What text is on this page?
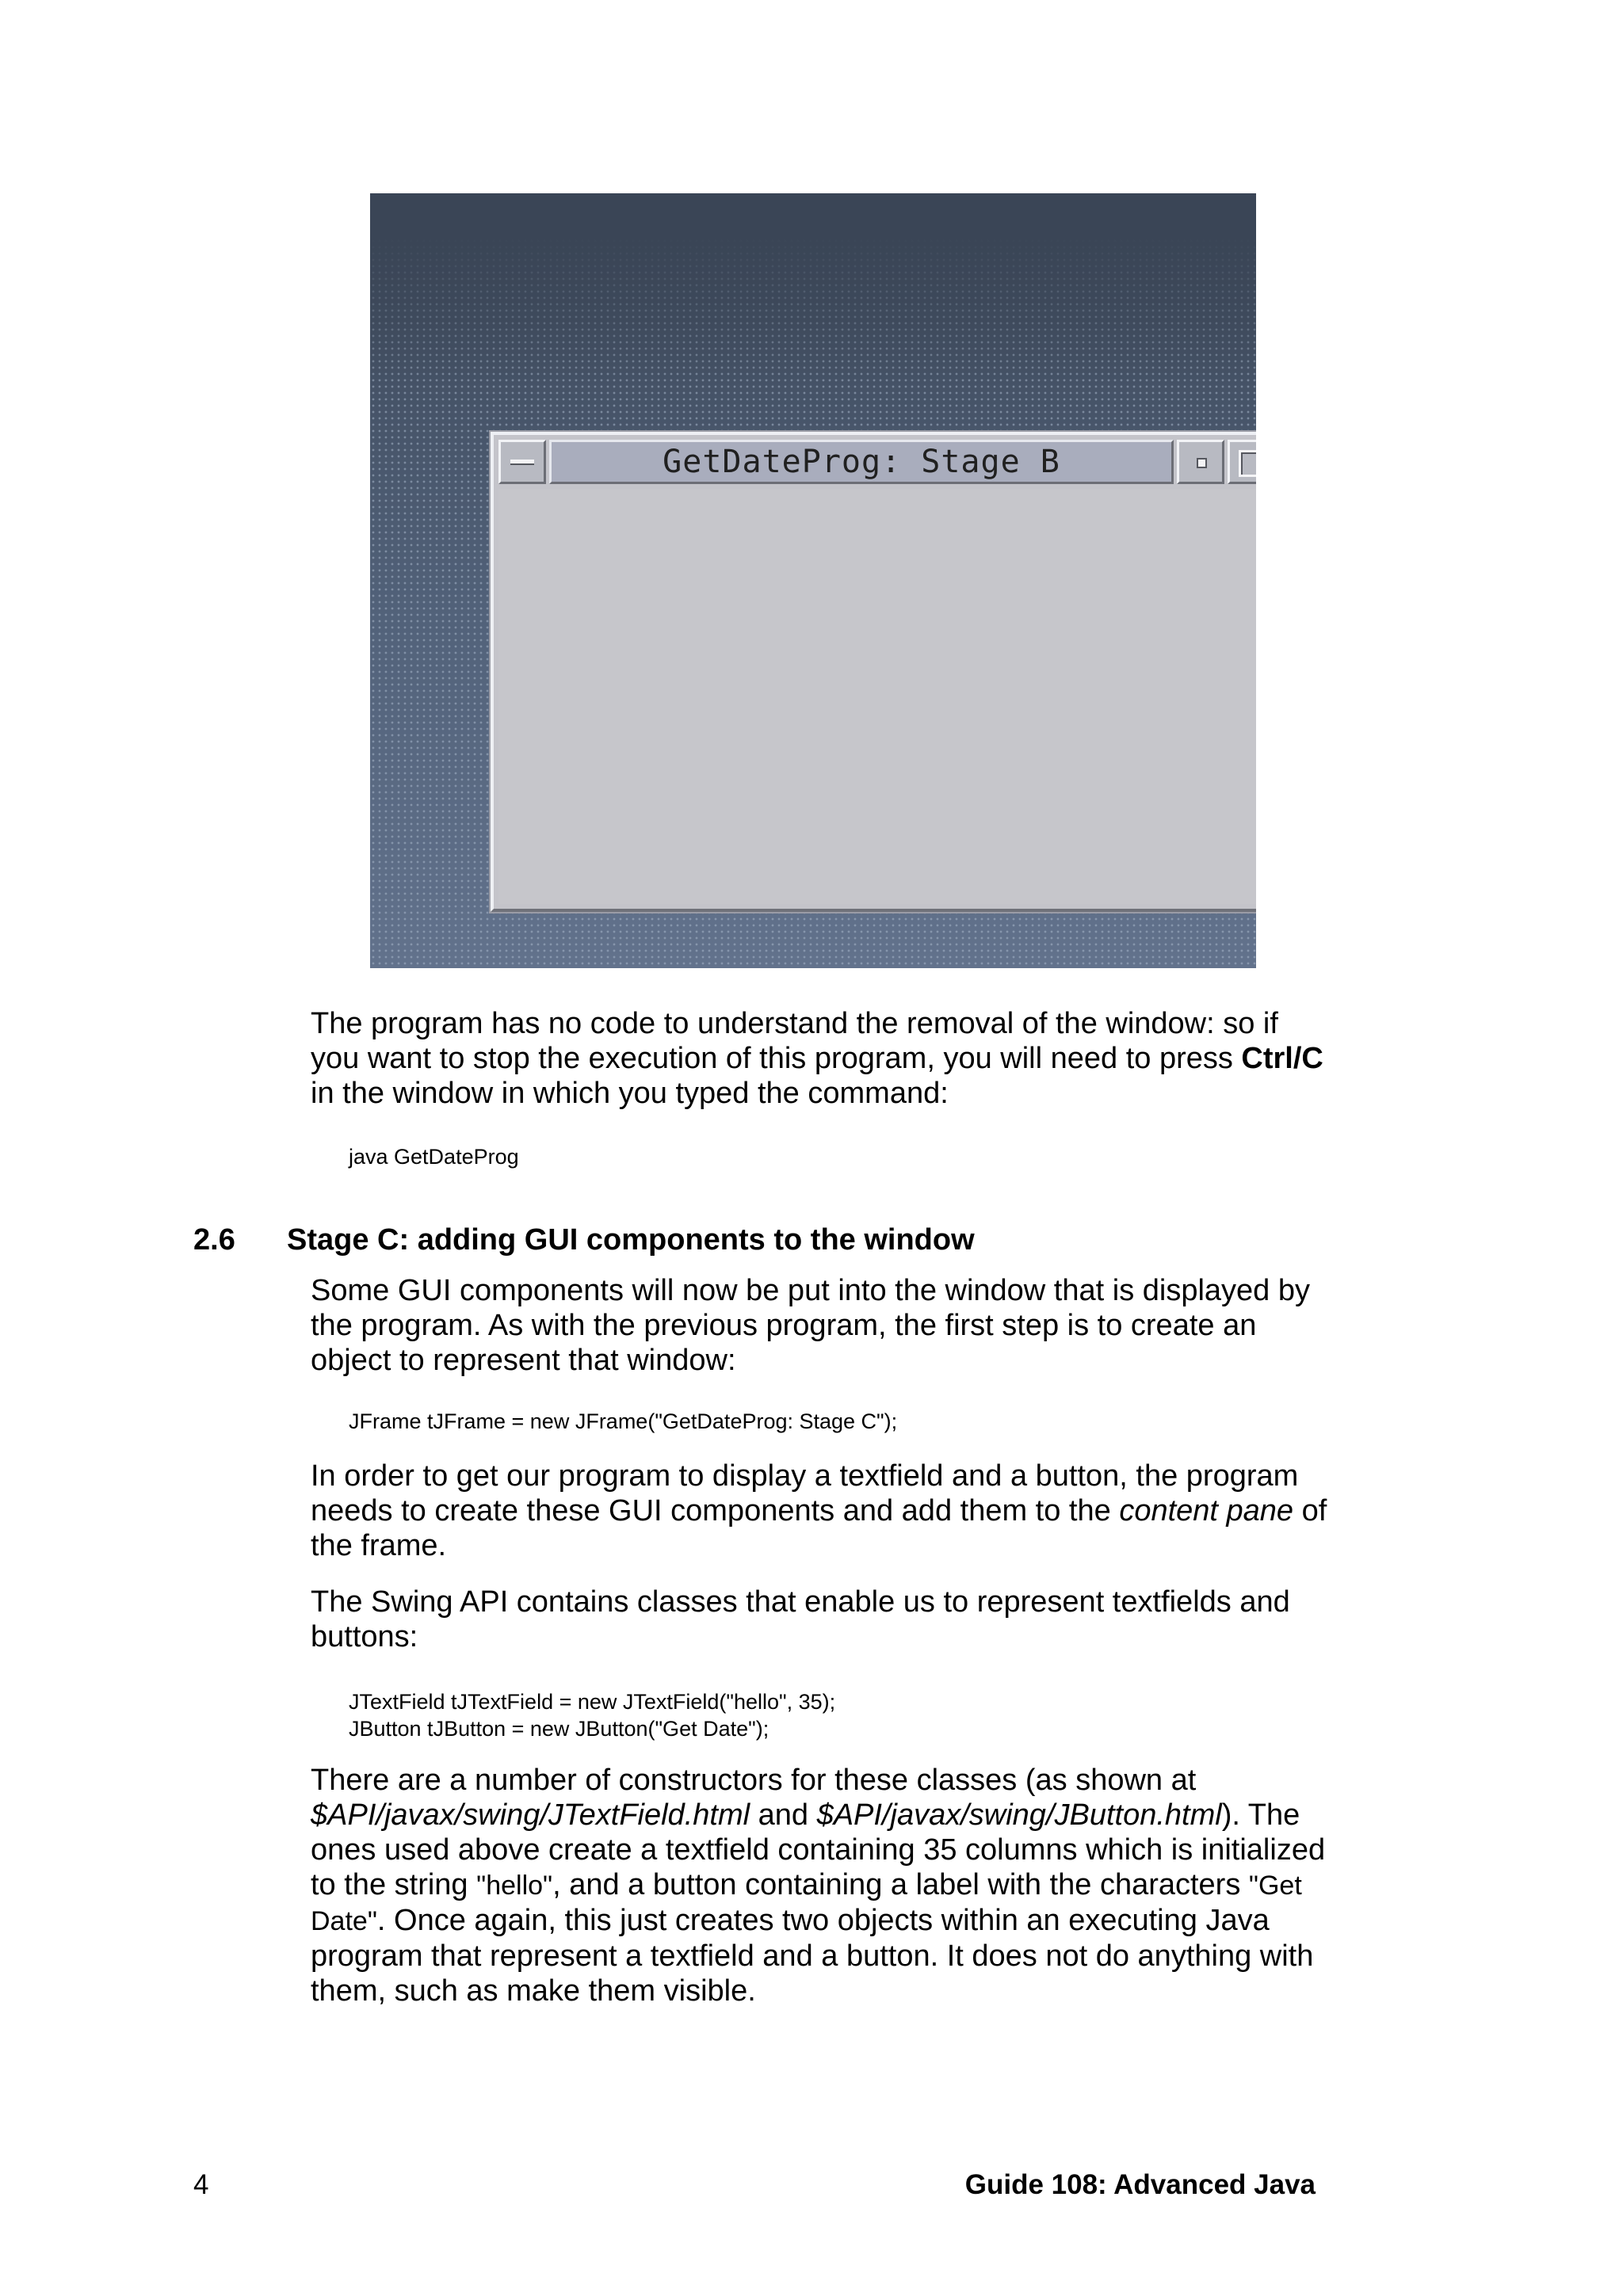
GetDateProg: Stage B

The program has no code to understand the removal of the window: so if you want to stop the execution of this program, you will need to press Ctrl/C in the window in which you typed the command:

java GetDateProg
2.6 Stage C: adding GUI components to the window

Some GUI components will now be put into the window that is displayed by the program. As with the previous program, the first step is to create an object to represent that window:

JFrame tJFrame = new JFrame("GetDateProg: Stage C");

In order to get our program to display a textfield and a button, the program needs to create these GUI components and add them to the content pane of the frame.

The Swing API contains classes that enable us to represent textfields and buttons:

JTextField tJTextField = new JTextField("hello", 35);
JButton tJButton = new JButton("Get Date");

There are a number of constructors for these classes (as shown at $API/javax/swing/JTextField.html and $API/javax/swing/JButton.html). The ones used above create a textfield containing 35 columns which is initialized to the string "hello", and a button containing a label with the characters "Get Date". Once again, this just creates two objects within an executing Java program that represent a textfield and a button. It does not do anything with them, such as make them visible.

4	Guide 108: Advanced Java
